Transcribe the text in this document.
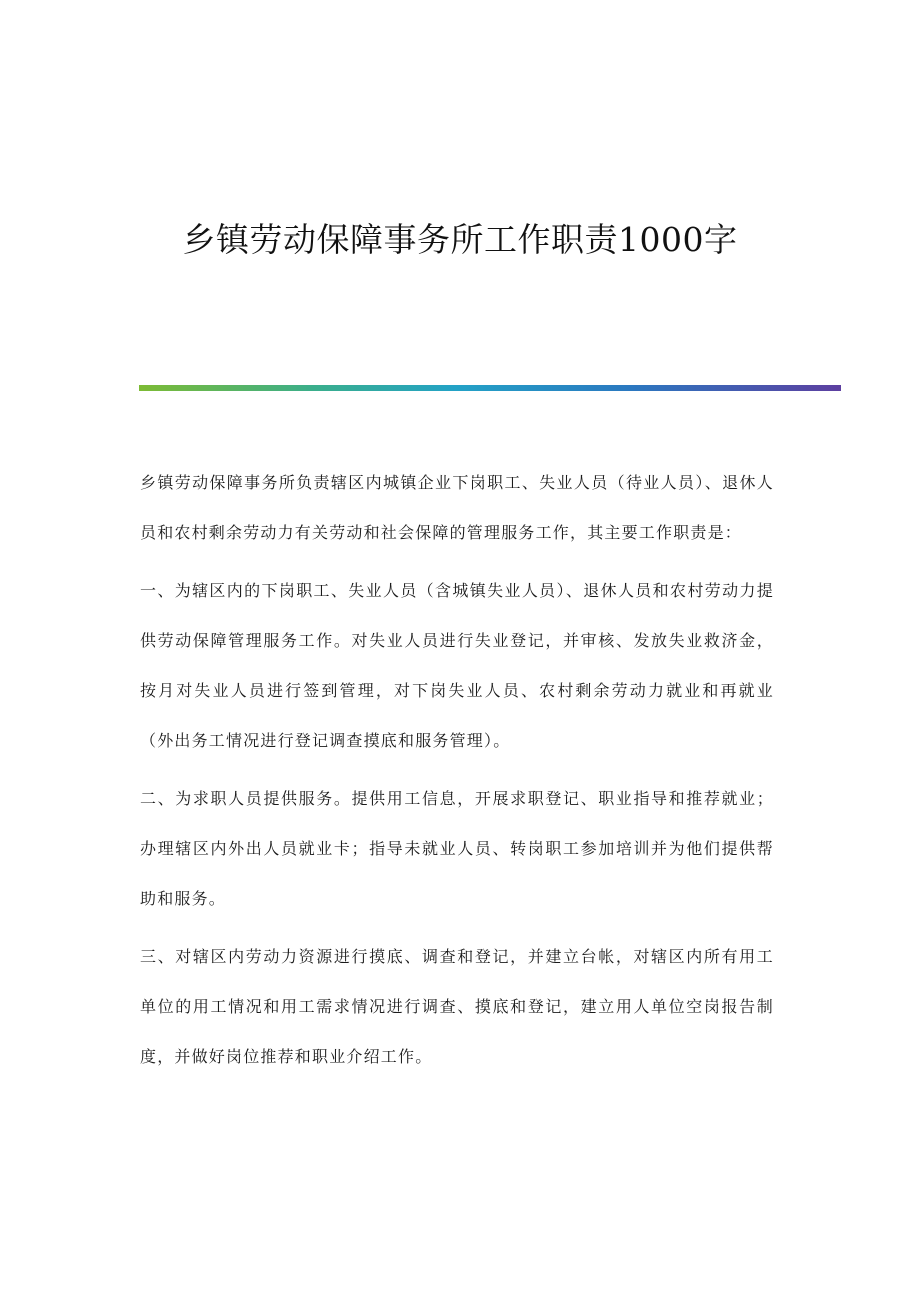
乡镇劳动保障事务所工作职责1000字

乡镇劳动保障事务所负责辖区内城镇企业下岗职工、失业人员（待业人员）、退休人员和农村剩余劳动力有关劳动和社会保障的管理服务工作，其主要工作职责是：

一、为辖区内的下岗职工、失业人员（含城镇失业人员）、退休人员和农村劳动力提供劳动保障管理服务工作。对失业人员进行失业登记，并审核、发放失业救济金，按月对失业人员进行签到管理，对下岗失业人员、农村剩余劳动力就业和再就业（外出务工情况进行登记调查摸底和服务管理）。

二、为求职人员提供服务。提供用工信息，开展求职登记、职业指导和推荐就业；办理辖区内外出人员就业卡；指导未就业人员、转岗职工参加培训并为他们提供帮助和服务。

三、对辖区内劳动力资源进行摸底、调查和登记，并建立台帐，对辖区内所有用工单位的用工情况和用工需求情况进行调查、摸底和登记，建立用人单位空岗报告制度，并做好岗位推荐和职业介绍工作。
